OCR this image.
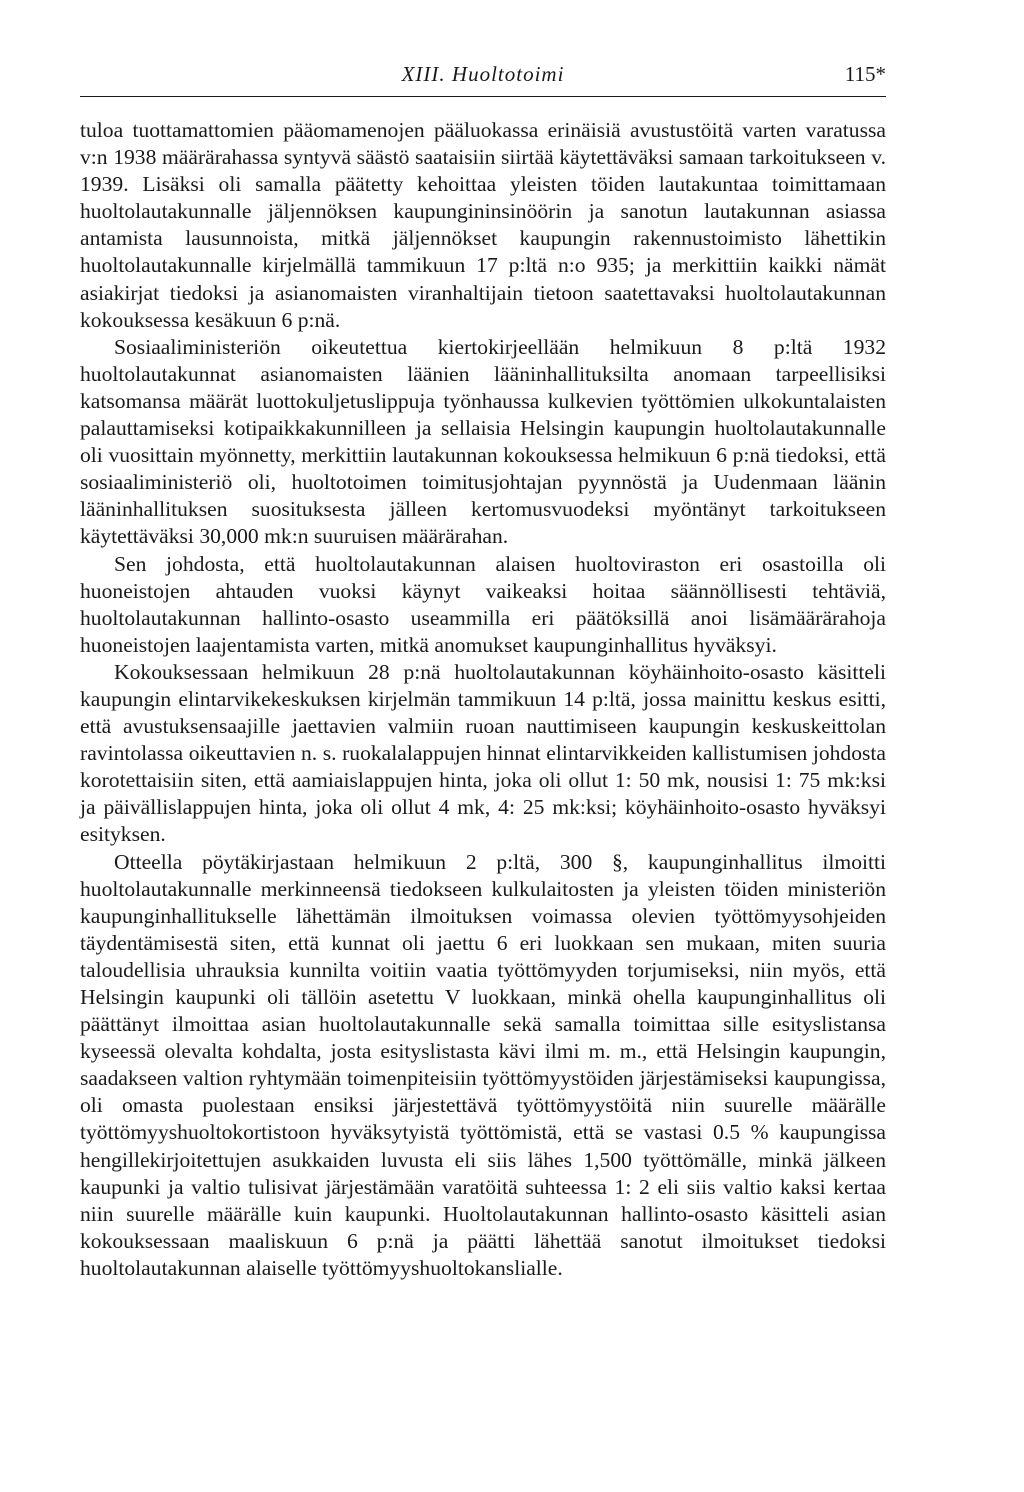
XIII. Huoltotoimi	115*

tuloa tuottamattomien pääomamenojen pääluokassa erinäisiä avustustöitä varten varatussa v:n 1938 määrärahassa syntyvä säästö saataisiin siirtää käytettäväksi samaan tarkoitukseen v. 1939. Lisäksi oli samalla päätetty kehoittaa yleisten töiden lautakuntaa toimittamaan huoltolautakunnalle jäljennöksen kaupungininsinöörin ja sanotun lautakunnan asiassa antamista lausunnoista, mitkä jäljennökset kaupungin rakennustoimisto lähettikin huoltolautakunnalle kirjelmällä tammikuun 17 p:ltä n:o 935; ja merkittiin kaikki nämät asiakirjat tiedoksi ja asianomaisten viranhaltijain tietoon saatettavaksi huoltolautakunnan kokouksessa kesäkuun 6 p:nä.

Sosiaaliministeriön oikeutettua kiertokirjeellään helmikuun 8 p:ltä 1932 huoltolautakunnat asianomaisten läänien lääninhallituksilta anomaan tarpeellisiksi katsomansa määrät luottokuljetuslippuja työnhaussa kulkevien työttömien ulkokuntalaisten palauttamiseksi kotipaikkakunnilleen ja sellaisia Helsingin kaupungin huoltolautakunnalle oli vuosittain myönnetty, merkittiin lautakunnan kokouksessa helmikuun 6 p:nä tiedoksi, että sosiaaliministeriö oli, huoltotoimen toimitusjohtajan pyynnöstä ja Uudenmaan läänin lääninhallituksen suosituksesta jälleen kertomusvuodeksi myöntänyt tarkoitukseen käytettäväksi 30,000 mk:n suuruisen määrärahan.

Sen johdosta, että huoltolautakunnan alaisen huoltoviraston eri osastoilla oli huoneistojen ahtauden vuoksi käynyt vaikeaksi hoitaa säännöllisesti tehtäviä, huoltolautakunnan hallinto-osasto useammilla eri päätöksillä anoi lisämäärärahoja huoneistojen laajentamista varten, mitkä anomukset kaupunginhallitus hyväksyi.

Kokouksessaan helmikuun 28 p:nä huoltolautakunnan köyhäinhoito-osasto käsitteli kaupungin elintarvikekeskuksen kirjelmän tammikuun 14 p:ltä, jossa mainittu keskus esitti, että avustuksensaajille jaettavien valmiin ruoan nauttimiseen kaupungin keskuskeittolan ravintolassa oikeuttavien n. s. ruokalalappujen hinnat elintarvikkeiden kallistumisen johdosta korotettaisiin siten, että aamiaislappujen hinta, joka oli ollut 1: 50 mk, nousisi 1: 75 mk:ksi ja päivällislappujen hinta, joka oli ollut 4 mk, 4: 25 mk:ksi; köyhäinhoito-osasto hyväksyi esityksen.

Otteella pöytäkirjastaan helmikuun 2 p:ltä, 300 §, kaupunginhallitus ilmoitti huoltolautakunnalle merkinneensä tiedokseen kulkulaitosten ja yleisten töiden ministeriön kaupunginhallitukselle lähettämän ilmoituksen voimassa olevien työttömyysohjeiden täydentämisestä siten, että kunnat oli jaettu 6 eri luokkaan sen mukaan, miten suuria taloudellisia uhrauksia kunnilta voitiin vaatia työttömyyden torjumiseksi, niin myös, että Helsingin kaupunki oli tällöin asetettu V luokkaan, minkä ohella kaupunginhallitus oli päättänyt ilmoittaa asian huoltolautakunnalle sekä samalla toimittaa sille esityslistansa kyseessä olevalta kohdalta, josta esityslistasta kävi ilmi m. m., että Helsingin kaupungin, saadakseen valtion ryhtymään toimenpiteisiin työttömyystöiden järjestämiseksi kaupungissa, oli omasta puolestaan ensiksi järjestettävä työttömyystöitä niin suurelle määrälle työttömyyshuoltokortistoon hyväksytyistä työttömistä, että se vastasi 0.5 % kaupungissa hengillekirjoitettujen asukkaiden luvusta eli siis lähes 1,500 työttömälle, minkä jälkeen kaupunki ja valtio tulisivat järjestämään varatöitä suhteessa 1: 2 eli siis valtio kaksi kertaa niin suurelle määrälle kuin kaupunki. Huoltolautakunnan hallinto-osasto käsitteli asian kokouksessaan maaliskuun 6 p:nä ja päätti lähettää sanotut ilmoitukset tiedoksi huoltolautakunnan alaiselle työttömyyshuoltokanslialle.
